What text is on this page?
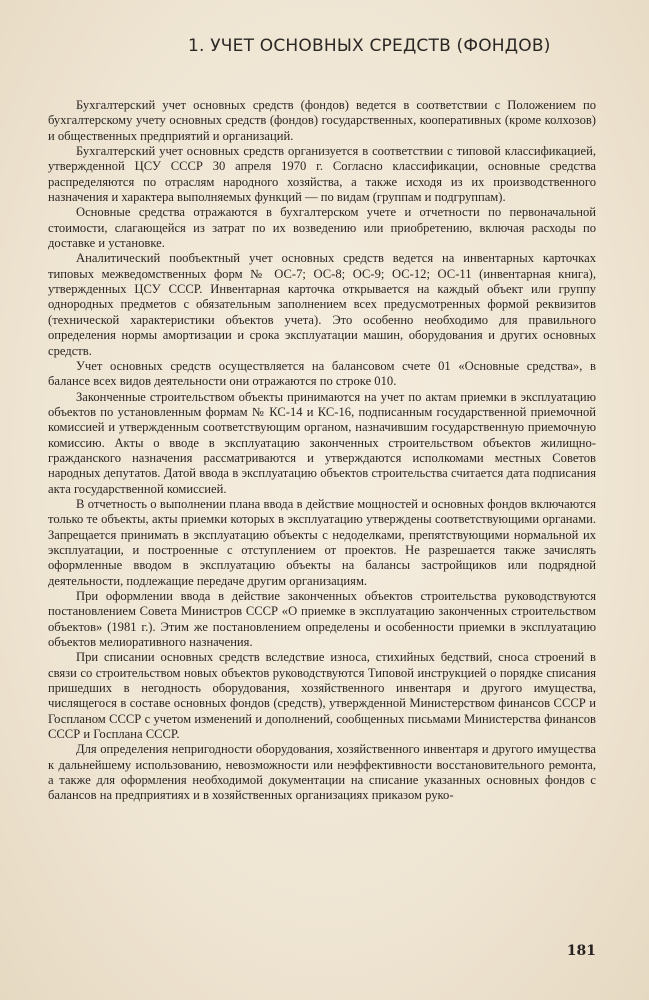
1. УЧЕТ ОСНОВНЫХ СРЕДСТВ (ФОНДОВ)

Бухгалтерский учет основных средств (фондов) ведется в соответствии с Положением по бухгалтерскому учету основных средств (фондов) государственных, кооперативных (кроме колхозов) и общественных предприятий и организаций.

Бухгалтерский учет основных средств организуется в соответствии с типовой классификацией, утвержденной ЦСУ СССР 30 апреля 1970 г. Согласно классификации, основные средства распределяются по отраслям народного хозяйства, а также исходя из их производственного назначения и характера выполняемых функций — по видам (группам и подгруппам).

Основные средства отражаются в бухгалтерском учете и отчетности по первоначальной стоимости, слагающейся из затрат по их возведению или приобретению, включая расходы по доставке и установке.

Аналитический пообъектный учет основных средств ведется на инвентарных карточках типовых межведомственных форм № ОС-7; ОС-8; ОС-9; ОС-12; ОС-11 (инвентарная книга), утвержденных ЦСУ СССР. Инвентарная карточка открывается на каждый объект или группу однородных предметов с обязательным заполнением всех предусмотренных формой реквизитов (технической характеристики объектов учета). Это особенно необходимо для правильного определения нормы амортизации и срока эксплуатации машин, оборудования и других основных средств.

Учет основных средств осуществляется на балансовом счете 01 «Основные средства», в балансе всех видов деятельности они отражаются по строке 010.

Законченные строительством объекты принимаются на учет по актам приемки в эксплуатацию объектов по установленным формам № КС-14 и КС-16, подписанным государственной приемочной комиссией и утвержденным соответствующим органом, назначившим государственную приемочную комиссию. Акты о вводе в эксплуатацию законченных строительством объектов жилищно-гражданского назначения рассматриваются и утверждаются исполкомами местных Советов народных депутатов. Датой ввода в эксплуатацию объектов строительства считается дата подписания акта государственной комиссией.

В отчетность о выполнении плана ввода в действие мощностей и основных фондов включаются только те объекты, акты приемки которых в эксплуатацию утверждены соответствующими органами. Запрещается принимать в эксплуатацию объекты с недоделками, препятствующими нормальной их эксплуатации, и построенные с отступлением от проектов. Не разрешается также зачислять оформленные вводом в эксплуатацию объекты на балансы застройщиков или подрядной деятельности, подлежащие передаче другим организациям.

При оформлении ввода в действие законченных объектов строительства руководствуются постановлением Совета Министров СССР «О приемке в эксплуатацию законченных строительством объектов» (1981 г.). Этим же постановлением определены и особенности приемки в эксплуатацию объектов мелиоративного назначения.

При списании основных средств вследствие износа, стихийных бедствий, сноса строений в связи со строительством новых объектов руководствуются Типовой инструкцией о порядке списания пришедших в негодность оборудования, хозяйственного инвентаря и другого имущества, числящегося в составе основных фондов (средств), утвержденной Министерством финансов СССР и Госпланом СССР с учетом изменений и дополнений, сообщенных письмами Министерства финансов СССР и Госплана СССР.

Для определения непригодности оборудования, хозяйственного инвентаря и другого имущества к дальнейшему использованию, невозможности или неэффективности восстановительного ремонта, а также для оформления необходимой документации на списание указанных основных фондов с балансов на предприятиях и в хозяйственных организациях приказом руко-

181
